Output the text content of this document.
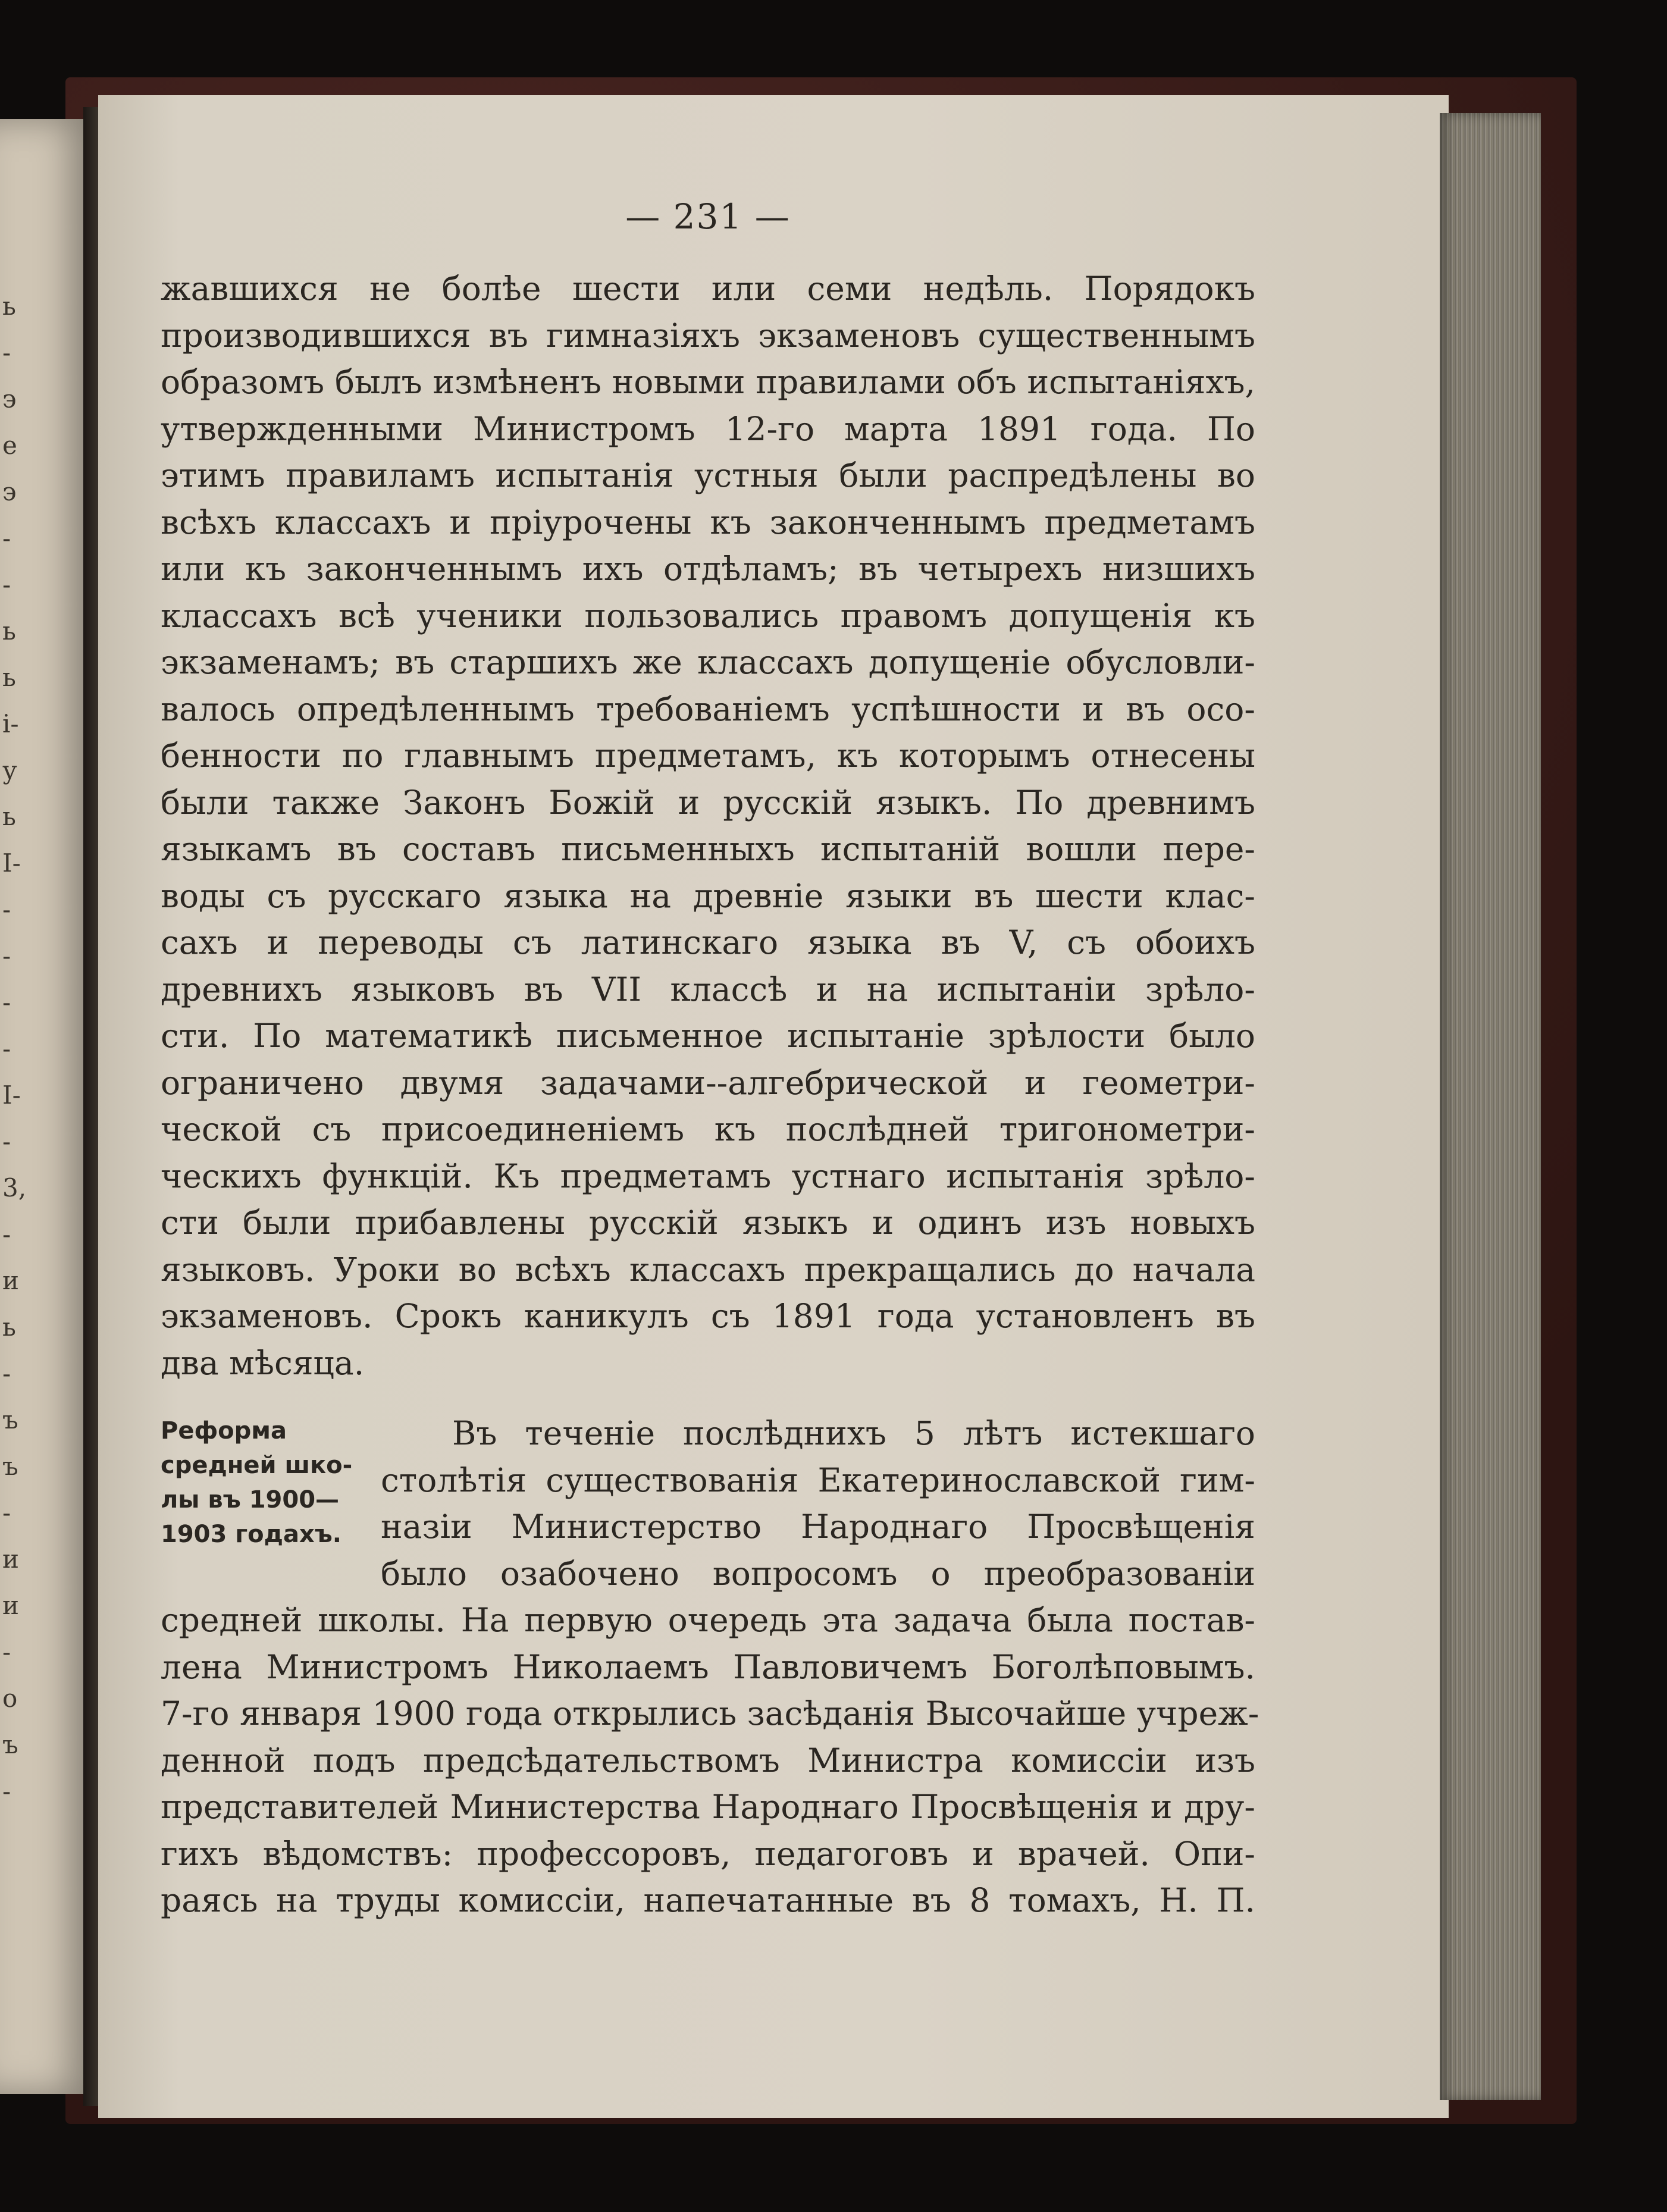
ь
-
э
е
э
-
-
ь
ь
i-
у
ь
I-
-
-
-
-
I-
-
3,
-
и
ь
-
ъ
ъ
-
и
и
-
о
ъ
-
— 231 —
жавшихся не болѣе шести или семи недѣль. Порядокъ
производившихся въ гимназіяхъ экзаменовъ существеннымъ
образомъ былъ измѣненъ новыми правилами объ испытаніяхъ,
утвержденными Министромъ 12-го марта 1891 года. По
этимъ правиламъ испытанія устныя были распредѣлены во
всѣхъ классахъ и пріурочены къ законченнымъ предметамъ
или къ законченнымъ ихъ отдѣламъ; въ четырехъ низшихъ
классахъ всѣ ученики пользовались правомъ допущенія къ
экзаменамъ; въ старшихъ же классахъ допущеніе обусловли-
валось опредѣленнымъ требованіемъ успѣшности и въ осо-
бенности по главнымъ предметамъ, къ которымъ отнесены
были также Законъ Божій и русскій языкъ. По древнимъ
языкамъ въ составъ письменныхъ испытаній вошли пере-
воды съ русскаго языка на древніе языки въ шести клас-
сахъ и переводы съ латинскаго языка въ V, съ обоихъ
древнихъ языковъ въ VII классѣ и на испытаніи зрѣло-
сти. По математикѣ письменное испытаніе зрѣлости было
ограничено двумя задачами--алгебрической и геометри-
ческой съ присоединеніемъ къ послѣдней тригонометри-
ческихъ функцій. Къ предметамъ устнаго испытанія зрѣло-
сти были прибавлены русскій языкъ и одинъ изъ новыхъ
языковъ. Уроки во всѣхъ классахъ прекращались до начала
экзаменовъ. Срокъ каникулъ съ 1891 года установленъ въ
два мѣсяца.
Реформа
средней шко-
лы въ 1900—
1903 годахъ.
Въ теченіе послѣднихъ 5 лѣтъ истекшаго
столѣтія существованія Екатеринославской гим-
назіи Министерство Народнаго Просвѣщенія
было озабочено вопросомъ о преобразованіи
средней школы. На первую очередь эта задача была постав-
лена Министромъ Николаемъ Павловичемъ Боголѣповымъ.
7-го января 1900 года открылись засѣданія Высочайше учреж-
денной подъ предсѣдательствомъ Министра комиссіи изъ
представителей Министерства Народнаго Просвѣщенія и дру-
гихъ вѣдомствъ: профессоровъ, педагоговъ и врачей. Опи-
раясь на труды комиссіи, напечатанные въ 8 томахъ, Н. П.
